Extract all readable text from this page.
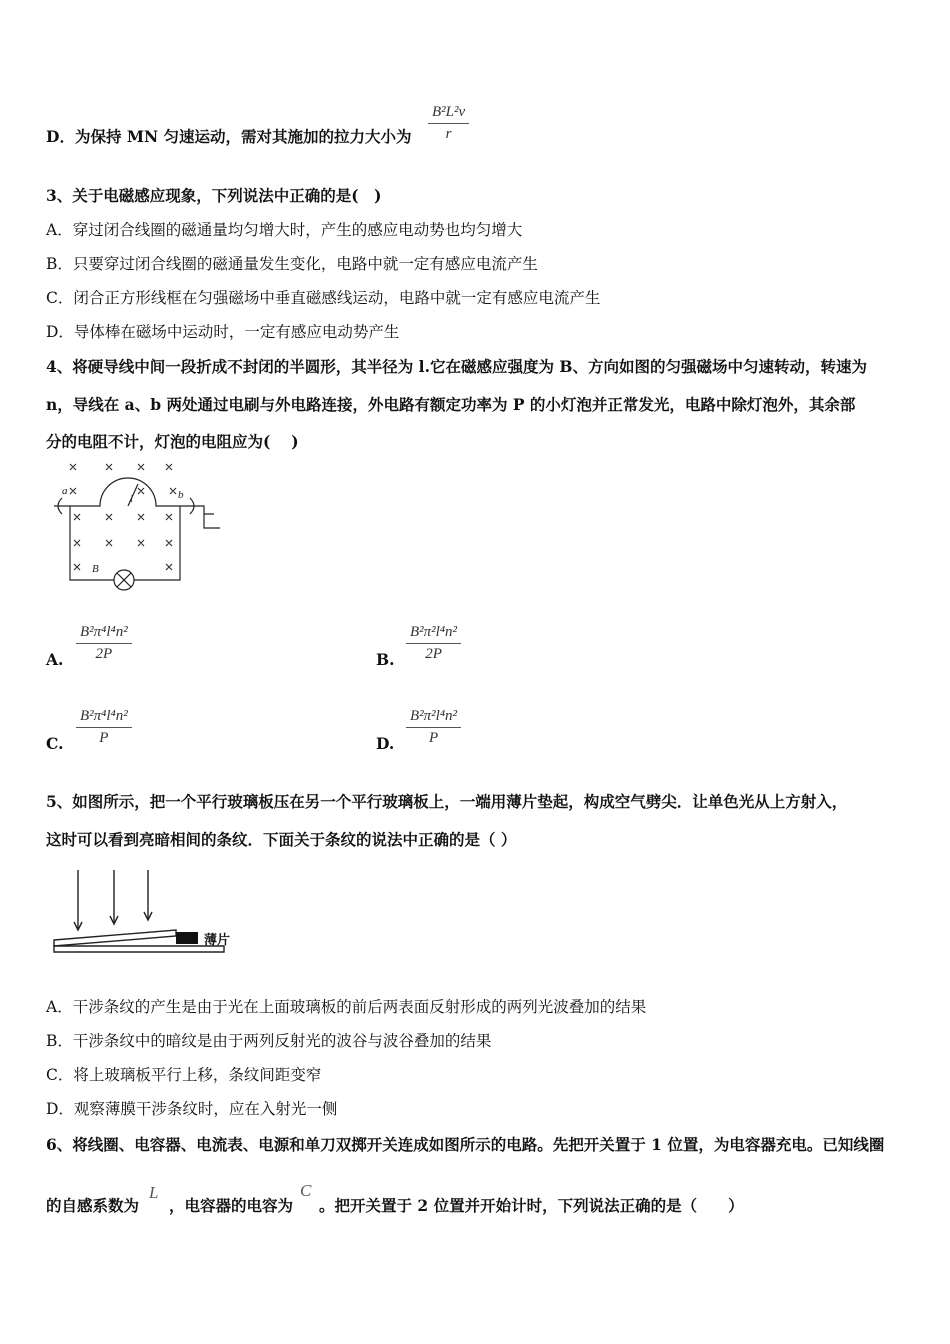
D．为保持 MN 匀速运动，需对其施加的拉力大小为 $\frac{\text{B²L²v}}{r}$
3、关于电磁感应现象，下列说法中正确的是(　)
A．穿过闭合线圈的磁通量均匀增大时，产生的感应电动势也均匀增大
B．只要穿过闭合线圈的磁通量发生变化，电路中就一定有感应电流产生
C．闭合正方形线框在匀强磁场中垂直磁感线运动，电路中就一定有感应电流产生
D．导体棒在磁场中运动时，一定有感应电动势产生
4、将硬导线中间一段折成不封闭的半圆形，其半径为 l.它在磁感应强度为 B、方向如图的匀强磁场中匀速转动，转速为
n，导线在 a、b 两处通过电刷与外电路连接，外电路有额定功率为 P 的小灯泡并正常发光，电路中除灯泡外，其余部
分的电阻不计，灯泡的电阻应为(　 )
a	b
l
B
A. $\frac{\text{B²π⁴l⁴n²}}{2P}$	B. $\frac{\text{B²π²l⁴n²}}{2P}$
C. $\frac{\text{B²π⁴l⁴n²}}{P}$	D. $\frac{\text{B²π²l⁴n²}}{P}$
5、如图所示，把一个平行玻璃板压在另一个平行玻璃板上，一端用薄片垫起，构成空气劈尖．让单色光从上方射入，
这时可以看到亮暗相间的条纹．下面关于条纹的说法中正确的是（ ）
薄片
A．干涉条纹的产生是由于光在上面玻璃板的前后两表面反射形成的两列光波叠加的结果
B．干涉条纹中的暗纹是由于两列反射光的波谷与波谷叠加的结果
C．将上玻璃板平行上移，条纹间距变窄
D．观察薄膜干涉条纹时，应在入射光一侧
6、将线圈、电容器、电流表、电源和单刀双掷开关连成如图所示的电路。先把开关置于 1 位置，为电容器充电。已知线圈
的自感系数为 ，电容器的电容为 。把开关置于 2 位置并开始计时，下列说法正确的是（　　）
L	C
